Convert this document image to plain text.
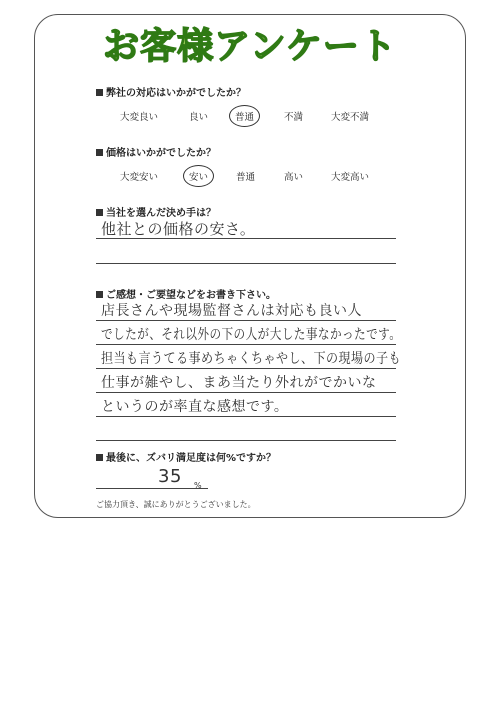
お客様アンケート
弊社の対応はいかがでしたか？
大変良い	良い	普通	不満	大変不満
価格はいかがでしたか？
大変安い	安い	普通	高い	大変高い
当社を選んだ決め手は？
他社との価格の安さ。
ご感想・ご要望などをお書き下さい。
店長さんや現場監督さんは対応も良い人
でしたが、それ以外の下の人が大した事なかったです。
担当も言うてる事めちゃくちゃやし、下の現場の子も
仕事が雑やし、まあ当たり外れがでかいな
というのが率直な感想です。
最後に、ズバリ満足度は何%ですか？
35 %
ご協力頂き、誠にありがとうございました。
